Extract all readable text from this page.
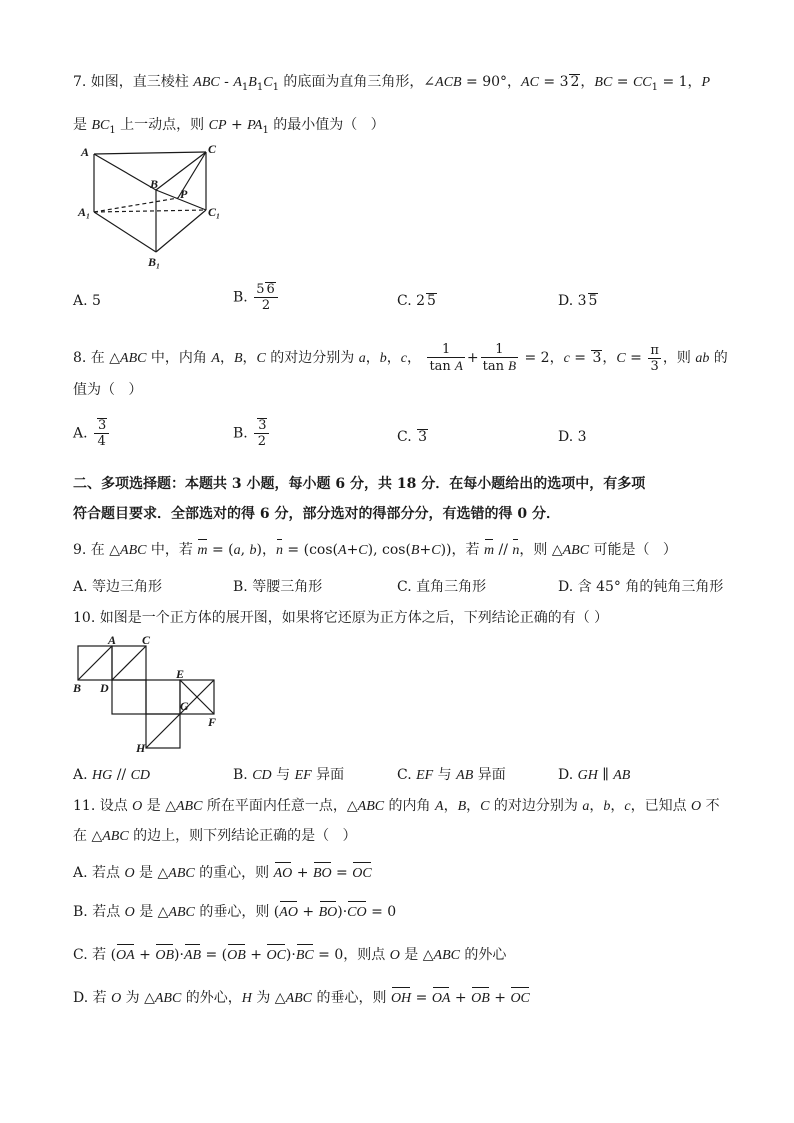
7. 如图，直三棱柱 ABC - $A_1B_1C_1$ 的底面为直角三角形，∠ACB = 90°，AC = 3 2，BC = $CC_1 = 1$，P
是 $BC_1$ 上一动点，则 CP + $PA_1$ 的最小值为（   ）
A	C
B
P
A₁	C₁
B₁
A. 5	B. $\frac{5 6}{2}$	C. 2 5	D. 3 5
8. 在 △ABC 中，内角 A，B，C 的对边分别为 a，b，c， $\frac{1}{\text{tan A}} + \frac{1}{\text{tan B}} = 2$，c = 3，$C = \frac{\pi}{3}$ ，则 ab 的
值为（   ）
A. $\frac{3}{4}$	B. $\frac{3}{2}$	C. 3	D. 3
二、多项选择题：本题共 3 小题，每小题 6 分，共 18 分．在每小题给出的选项中，有多项
符合题目要求．全部选对的得 6 分，部分选对的得部分分，有选错的得 0 分．
9. 在 △ABC 中，若 m = (a, b)，n = (cos(A+C), cos(B+C))，若 m // n，则 △ABC 可能是（   ）
A. 等边三角形	B. 等腰三角形	C. 直角三角形	D. 含 45° 角的钝角三角形
10. 如图是一个正方体的展开图，如果将它还原为正方体之后，下列结论正确的有（ ）
A C
B D
E
G
F
H
A. HG // CD	B. CD 与 EF 异面	C. EF 与 AB 异面	D. GH ∥ AB
11. 设点 O 是 △ABC 所在平面内任意一点，△ABC 的内角 A，B，C 的对边分别为 a，b，c，已知点 O 不
在 △ABC 的边上，则下列结论正确的是（   ）
A. 若点 O 是 △ABC 的重心，则 AO + BO = OC
B. 若点 O 是 △ABC 的垂心，则 (AO + BO)·CO = 0
C. 若 (OA + OB)·AB = (OB + OC)·BC = 0，则点 O 是 △ABC 的外心
D. 若 O 为 △ABC 的外心，H 为 △ABC 的垂心，则 OH = OA + OB + OC
